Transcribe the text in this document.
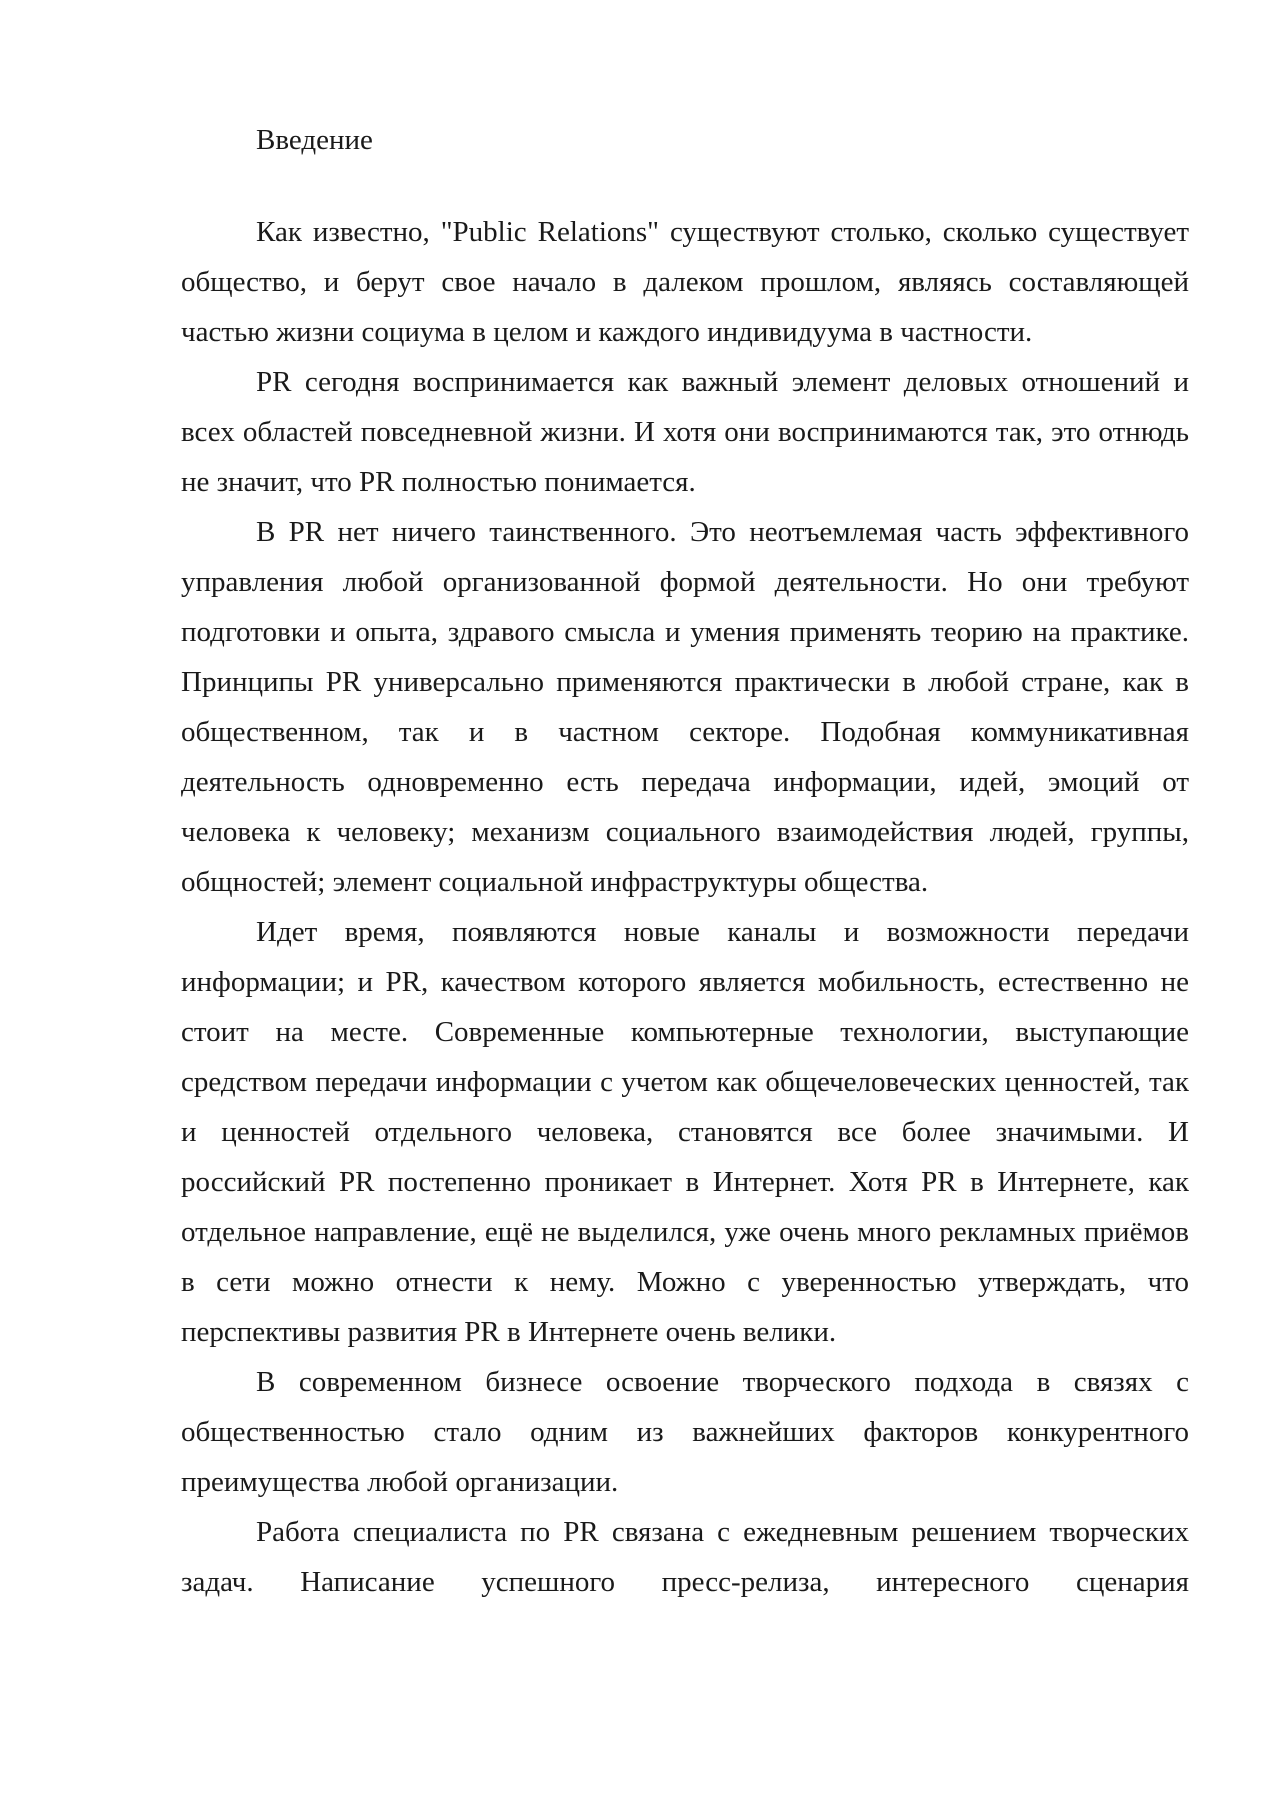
Введение

Как известно, "Public Relations" существуют столько, сколько существует общество, и берут свое начало в далеком прошлом, являясь составляющей частью жизни социума в целом и каждого индивидуума в частности.

PR сегодня воспринимается как важный элемент деловых отношений и всех областей повседневной жизни. И хотя они воспринимаются так, это отнюдь не значит, что PR полностью понимается.

В PR нет ничего таинственного. Это неотъемлемая часть эффективного управления любой организованной формой деятельности. Но они требуют подготовки и опыта, здравого смысла и умения применять теорию на практике. Принципы PR универсально применяются практически в любой стране, как в общественном, так и в частном секторе. Подобная коммуникативная деятельность одновременно есть передача информации, идей, эмоций от человека к человеку; механизм социального взаимодействия людей, группы, общностей; элемент социальной инфраструктуры общества.

Идет время, появляются новые каналы и возможности передачи информации; и PR, качеством которого является мобильность, естественно не стоит на месте. Современные компьютерные технологии, выступающие средством передачи информации с учетом как общечеловеческих ценностей, так и ценностей отдельного человека, становятся все более значимыми. И российский PR постепенно проникает в Интернет. Хотя PR в Интернете, как отдельное направление, ещё не выделился, уже очень много рекламных приёмов в сети можно отнести к нему. Можно с уверенностью утверждать, что перспективы развития PR в Интернете очень велики.

В современном бизнесе освоение творческого подхода в связях с общественностью стало одним из важнейших факторов конкурентного преимущества любой организации.

Работа специалиста по PR связана с ежедневным решением творческих задач. Написание успешного пресс-релиза, интересного сценария
